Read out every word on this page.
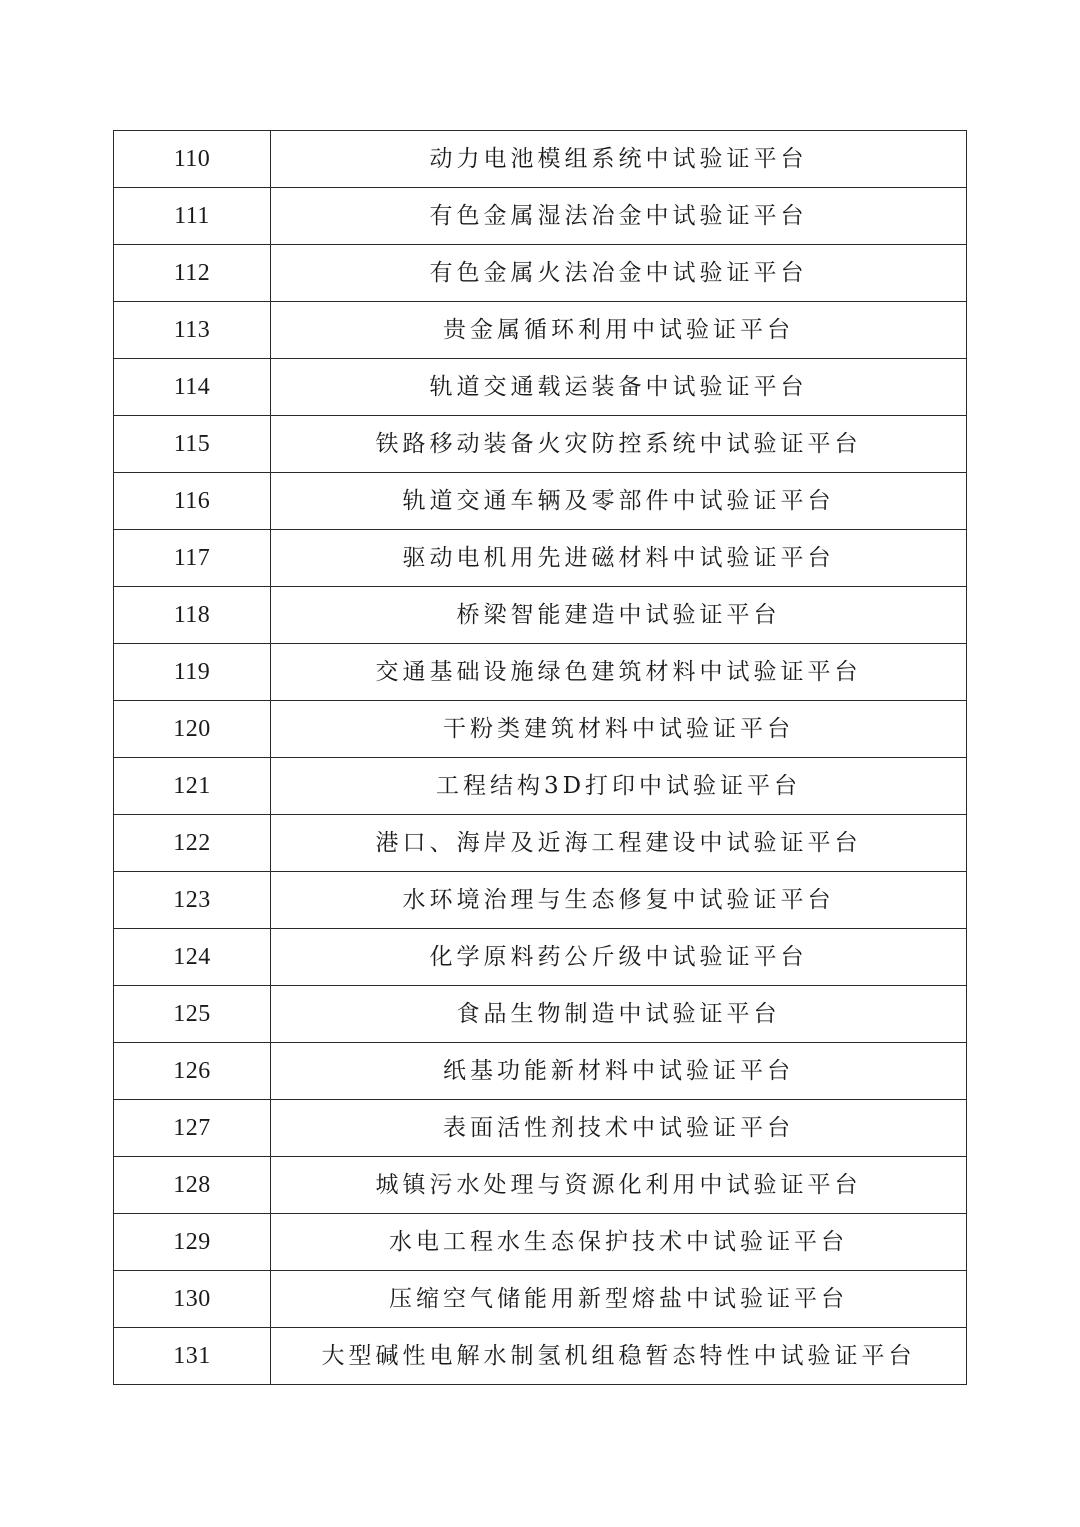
110	动力电池模组系统中试验证平台
111	有色金属湿法冶金中试验证平台
112	有色金属火法冶金中试验证平台
113	贵金属循环利用中试验证平台
114	轨道交通载运装备中试验证平台
115	铁路移动装备火灾防控系统中试验证平台
116	轨道交通车辆及零部件中试验证平台
117	驱动电机用先进磁材料中试验证平台
118	桥梁智能建造中试验证平台
119	交通基础设施绿色建筑材料中试验证平台
120	干粉类建筑材料中试验证平台
121	工程结构3D打印中试验证平台
122	港口、海岸及近海工程建设中试验证平台
123	水环境治理与生态修复中试验证平台
124	化学原料药公斤级中试验证平台
125	食品生物制造中试验证平台
126	纸基功能新材料中试验证平台
127	表面活性剂技术中试验证平台
128	城镇污水处理与资源化利用中试验证平台
129	水电工程水生态保护技术中试验证平台
130	压缩空气储能用新型熔盐中试验证平台
131	大型碱性电解水制氢机组稳暂态特性中试验证平台
